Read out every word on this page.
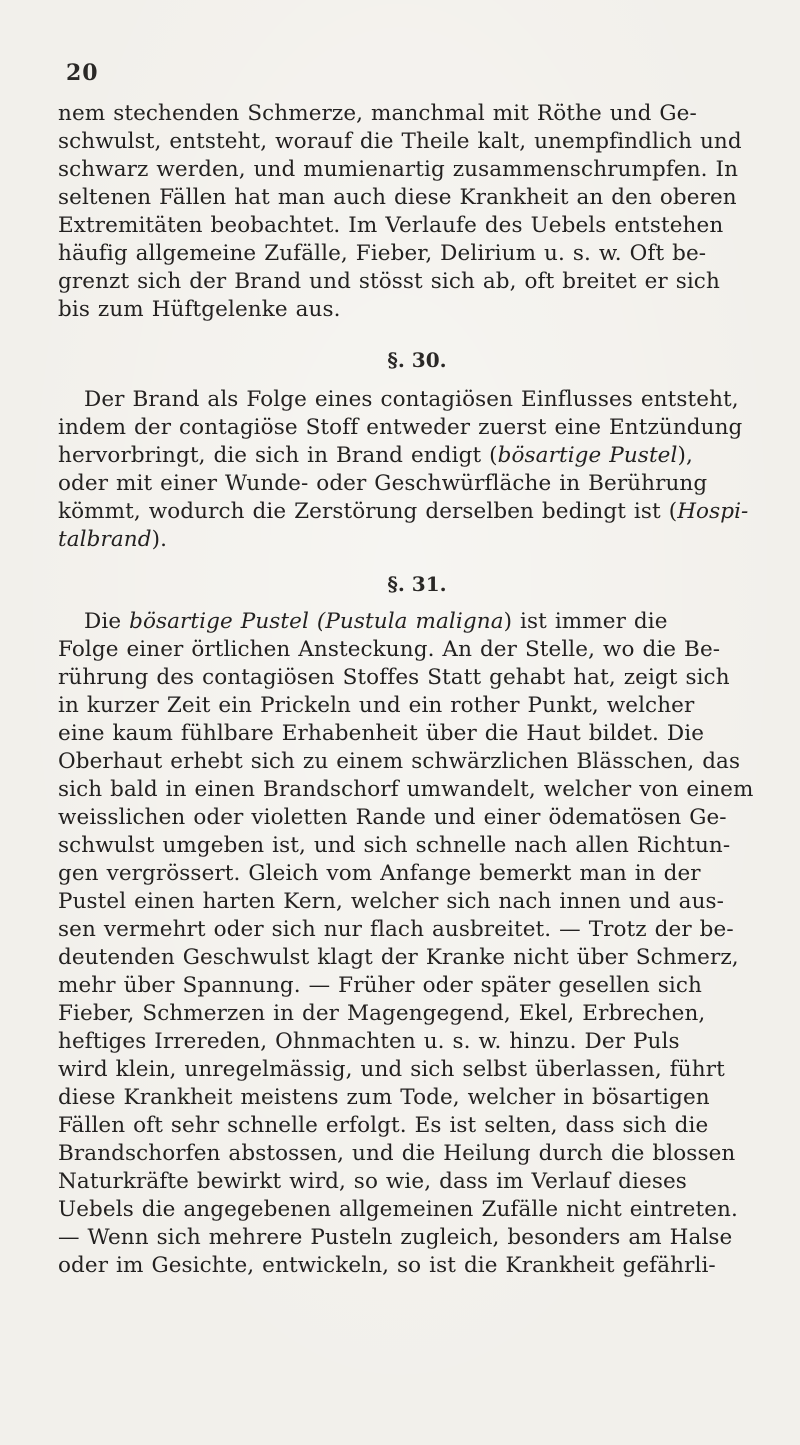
20
nem stechenden Schmerze, manchmal mit Röthe und Ge-
schwulst, entsteht, worauf die Theile kalt, unempfindlich und
schwarz werden, und mumienartig zusammenschrumpfen. In
seltenen Fällen hat man auch diese Krankheit an den oberen
Extremitäten beobachtet. Im Verlaufe des Uebels entstehen
häufig allgemeine Zufälle, Fieber, Delirium u. s. w. Oft be-
grenzt sich der Brand und stösst sich ab, oft breitet er sich
bis zum Hüftgelenke aus.
§. 30.
Der Brand als Folge eines contagiösen Einflusses entsteht,
indem der contagiöse Stoff entweder zuerst eine Entzündung
hervorbringt, die sich in Brand endigt (bösartige Pustel),
oder mit einer Wunde- oder Geschwürfläche in Berührung
kömmt, wodurch die Zerstörung derselben bedingt ist (Hospi-
talbrand).
§. 31.
Die bösartige Pustel (Pustula maligna) ist immer die
Folge einer örtlichen Ansteckung. An der Stelle, wo die Be-
rührung des contagiösen Stoffes Statt gehabt hat, zeigt sich
in kurzer Zeit ein Prickeln und ein rother Punkt, welcher
eine kaum fühlbare Erhabenheit über die Haut bildet. Die
Oberhaut erhebt sich zu einem schwärzlichen Blässchen, das
sich bald in einen Brandschorf umwandelt, welcher von einem
weisslichen oder violetten Rande und einer ödematösen Ge-
schwulst umgeben ist, und sich schnelle nach allen Richtun-
gen vergrössert. Gleich vom Anfange bemerkt man in der
Pustel einen harten Kern, welcher sich nach innen und aus-
sen vermehrt oder sich nur flach ausbreitet. — Trotz der be-
deutenden Geschwulst klagt der Kranke nicht über Schmerz,
mehr über Spannung. — Früher oder später gesellen sich
Fieber, Schmerzen in der Magengegend, Ekel, Erbrechen,
heftiges Irrereden, Ohnmachten u. s. w. hinzu. Der Puls
wird klein, unregelmässig, und sich selbst überlassen, führt
diese Krankheit meistens zum Tode, welcher in bösartigen
Fällen oft sehr schnelle erfolgt. Es ist selten, dass sich die
Brandschorfen abstossen, und die Heilung durch die blossen
Naturkräfte bewirkt wird, so wie, dass im Verlauf dieses
Uebels die angegebenen allgemeinen Zufälle nicht eintreten.
— Wenn sich mehrere Pusteln zugleich, besonders am Halse
oder im Gesichte, entwickeln, so ist die Krankheit gefährli-
